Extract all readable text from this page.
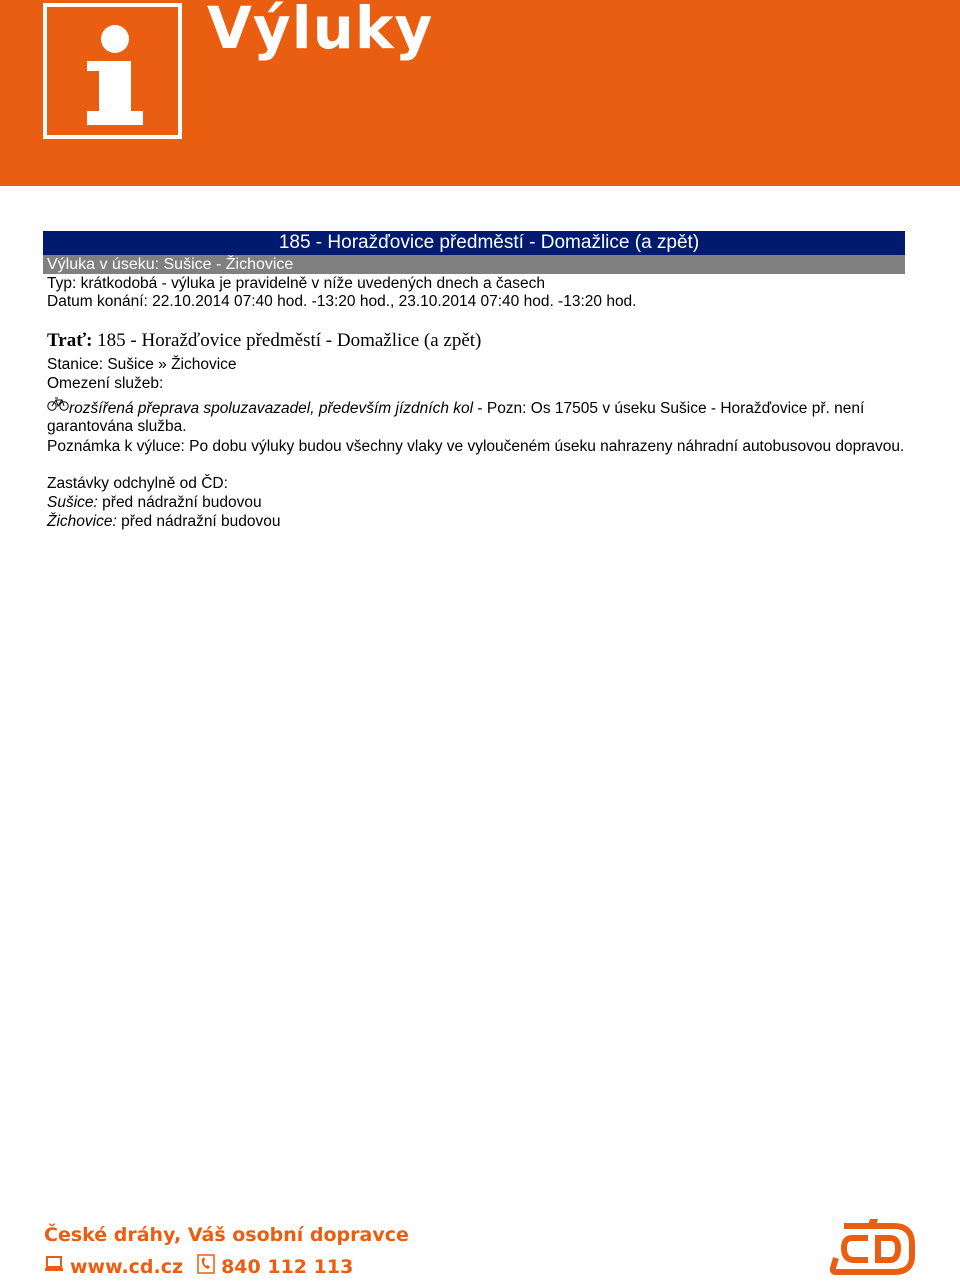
Výluky
185 - Horažďovice předměstí - Domažlice (a zpět)
Výluka v úseku: Sušice - Žichovice
Typ: krátkodobá - výluka je pravidelně v níže uvedených dnech a časech
Datum konání: 22.10.2014 07:40 hod. -13:20 hod., 23.10.2014 07:40 hod. -13:20 hod.
Trať: 185 - Horažďovice předměstí - Domažlice (a zpět)
Stanice: Sušice » Žichovice
Omezení služeb:
rozšířená přeprava spoluzavazadel, především jízdních kol - Pozn: Os 17505 v úseku Sušice - Horažďovice př. není garantována služba.
Poznámka k výluce: Po dobu výluky budou všechny vlaky ve vyloučeném úseku nahrazeny náhradní autobusovou dopravou.
Zastávky odchylně od ČD:
Sušice: před nádražní budovou
Žichovice: před nádražní budovou
České dráhy, Váš osobní dopravce
www.cd.cz 840 112 113
